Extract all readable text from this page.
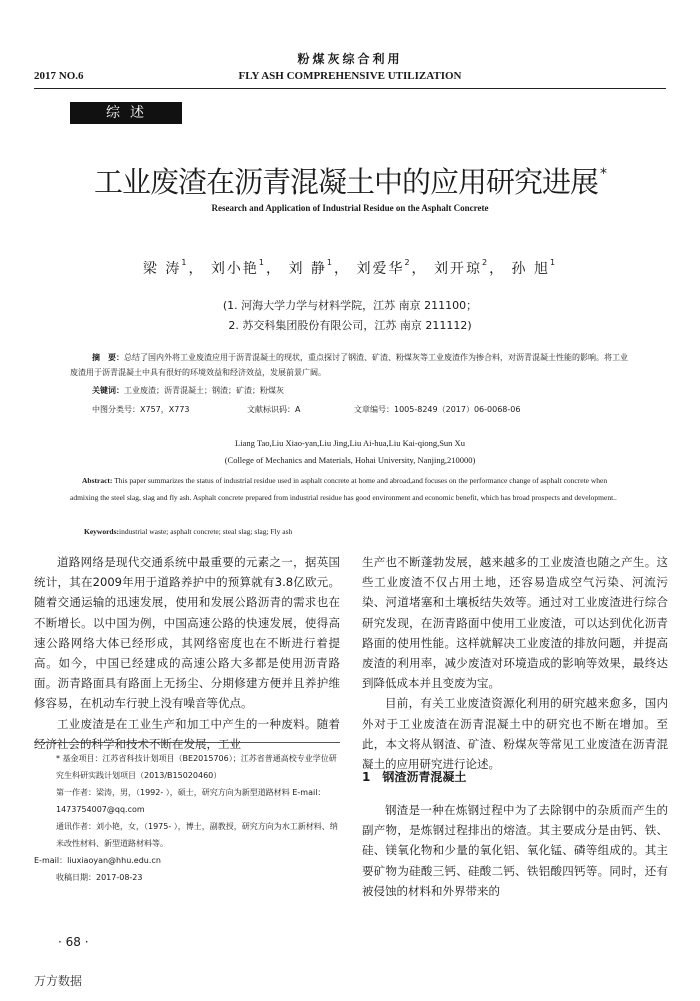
粉煤灰综合利用
FLY ASH COMPREHENSIVE UTILIZATION
2017 NO.6
综述
工业废渣在沥青混凝土中的应用研究进展 *
Research and Application of Industrial Residue on the Asphalt Concrete
梁 涛$^1$， 刘小艳$^1$， 刘 静$^1$， 刘爱华$^2$， 刘开琼$^2$， 孙 旭$^1$
(1. 河海大学力学与材料学院，江苏 南京 211100；
2. 苏交科集团股份有限公司，江苏 南京 211112)
摘　要：总结了国内外将工业废渣应用于沥青混凝土的现状，重点探讨了钢渣、矿渣、粉煤灰等工业废渣作为掺合料，对沥青混凝土性能的影响。将工业废渣用于沥青混凝土中具有很好的环境效益和经济效益，发展前景广阔。
关键词：工业废渣；沥青混凝土；钢渣；矿渣；粉煤灰
中图分类号：X757，X773	文献标识码：A	文章编号：1005-8249（2017）06-0068-06
Liang Tao,Liu Xiao-yan,Liu Jing,Liu Ai-hua,Liu Kai-qiong,Sun Xu
(College of Mechanics and Materials, Hohai University, Nanjing,210000)
Abstract: This paper summarizes the status of industrial residue used in asphalt concrete at home and abroad,and focuses on the performance change of asphalt concrete when admixing the steel slag, slag and fly ash. Asphalt concrete prepared from industrial residue has good environment and economic benefit, which has broad prospects and development..
Keywords:industrial waste; asphalt concrete; steal slag; slag; Fly ash

道路网络是现代交通系统中最重要的元素之一，据英国统计，其在2009年用于道路养护中的预算就有3.8亿欧元。随着交通运输的迅速发展，使用和发展公路沥青的需求也在不断增长。以中国为例，中国高速公路的快速发展，使得高速公路网络大体已经形成，其网络密度也在不断进行着提高。如今，中国已经建成的高速公路大多都是使用沥青路面。沥青路面具有路面上无扬尘、分期修建方便并且养护维修容易，在机动车行驶上没有噪音等优点。

工业废渣是在工业生产和加工中产生的一种废料。随着经济社会的科学和技术不断在发展，工业

* 基金项目：江苏省科技计划项目（BE2015706）；江苏省普通高校专业学位研究生科研实践计划项目（2013/B15020460）
第一作者：梁涛，男，（1992- ），硕士，研究方向为新型道路材料 E-mail：1473754007@qq.com
通讯作者：刘小艳，女，（1975- ），博士，副教授，研究方向为水工新材料、纳米改性材料、新型道路材料等。
E-mail：liuxiaoyan@hhu.edu.cn
收稿日期：2017-08-23
· 68 ·

生产也不断蓬勃发展，越来越多的工业废渣也随之产生。这些工业废渣不仅占用土地，还容易造成空气污染、河流污染、河道堵塞和土壤板结失效等。通过对工业废渣进行综合研究发现，在沥青路面中使用工业废渣，可以达到优化沥青路面的使用性能。这样就解决工业废渣的排放问题，并提高废渣的利用率，减少废渣对环境造成的影响等效果，最终达到降低成本并且变废为宝。

目前，有关工业废渣资源化利用的研究越来愈多，国内外对于工业废渣在沥青混凝土中的研究也不断在增加。至此，本文将从钢渣、矿渣、粉煤灰等常见工业废渣在沥青混凝土的应用研究进行论述。

1　钢渣沥青混凝土

钢渣是一种在炼钢过程中为了去除钢中的杂质而产生的副产物，是炼钢过程排出的熔渣。其主要成分是由钙、铁、硅、镁氧化物和少量的氧化铝、氧化锰、磷等组成的。其主要矿物为硅酸三钙、硅酸二钙、铁铝酸四钙等。同时，还有被侵蚀的材料和外界带来的

万方数据
